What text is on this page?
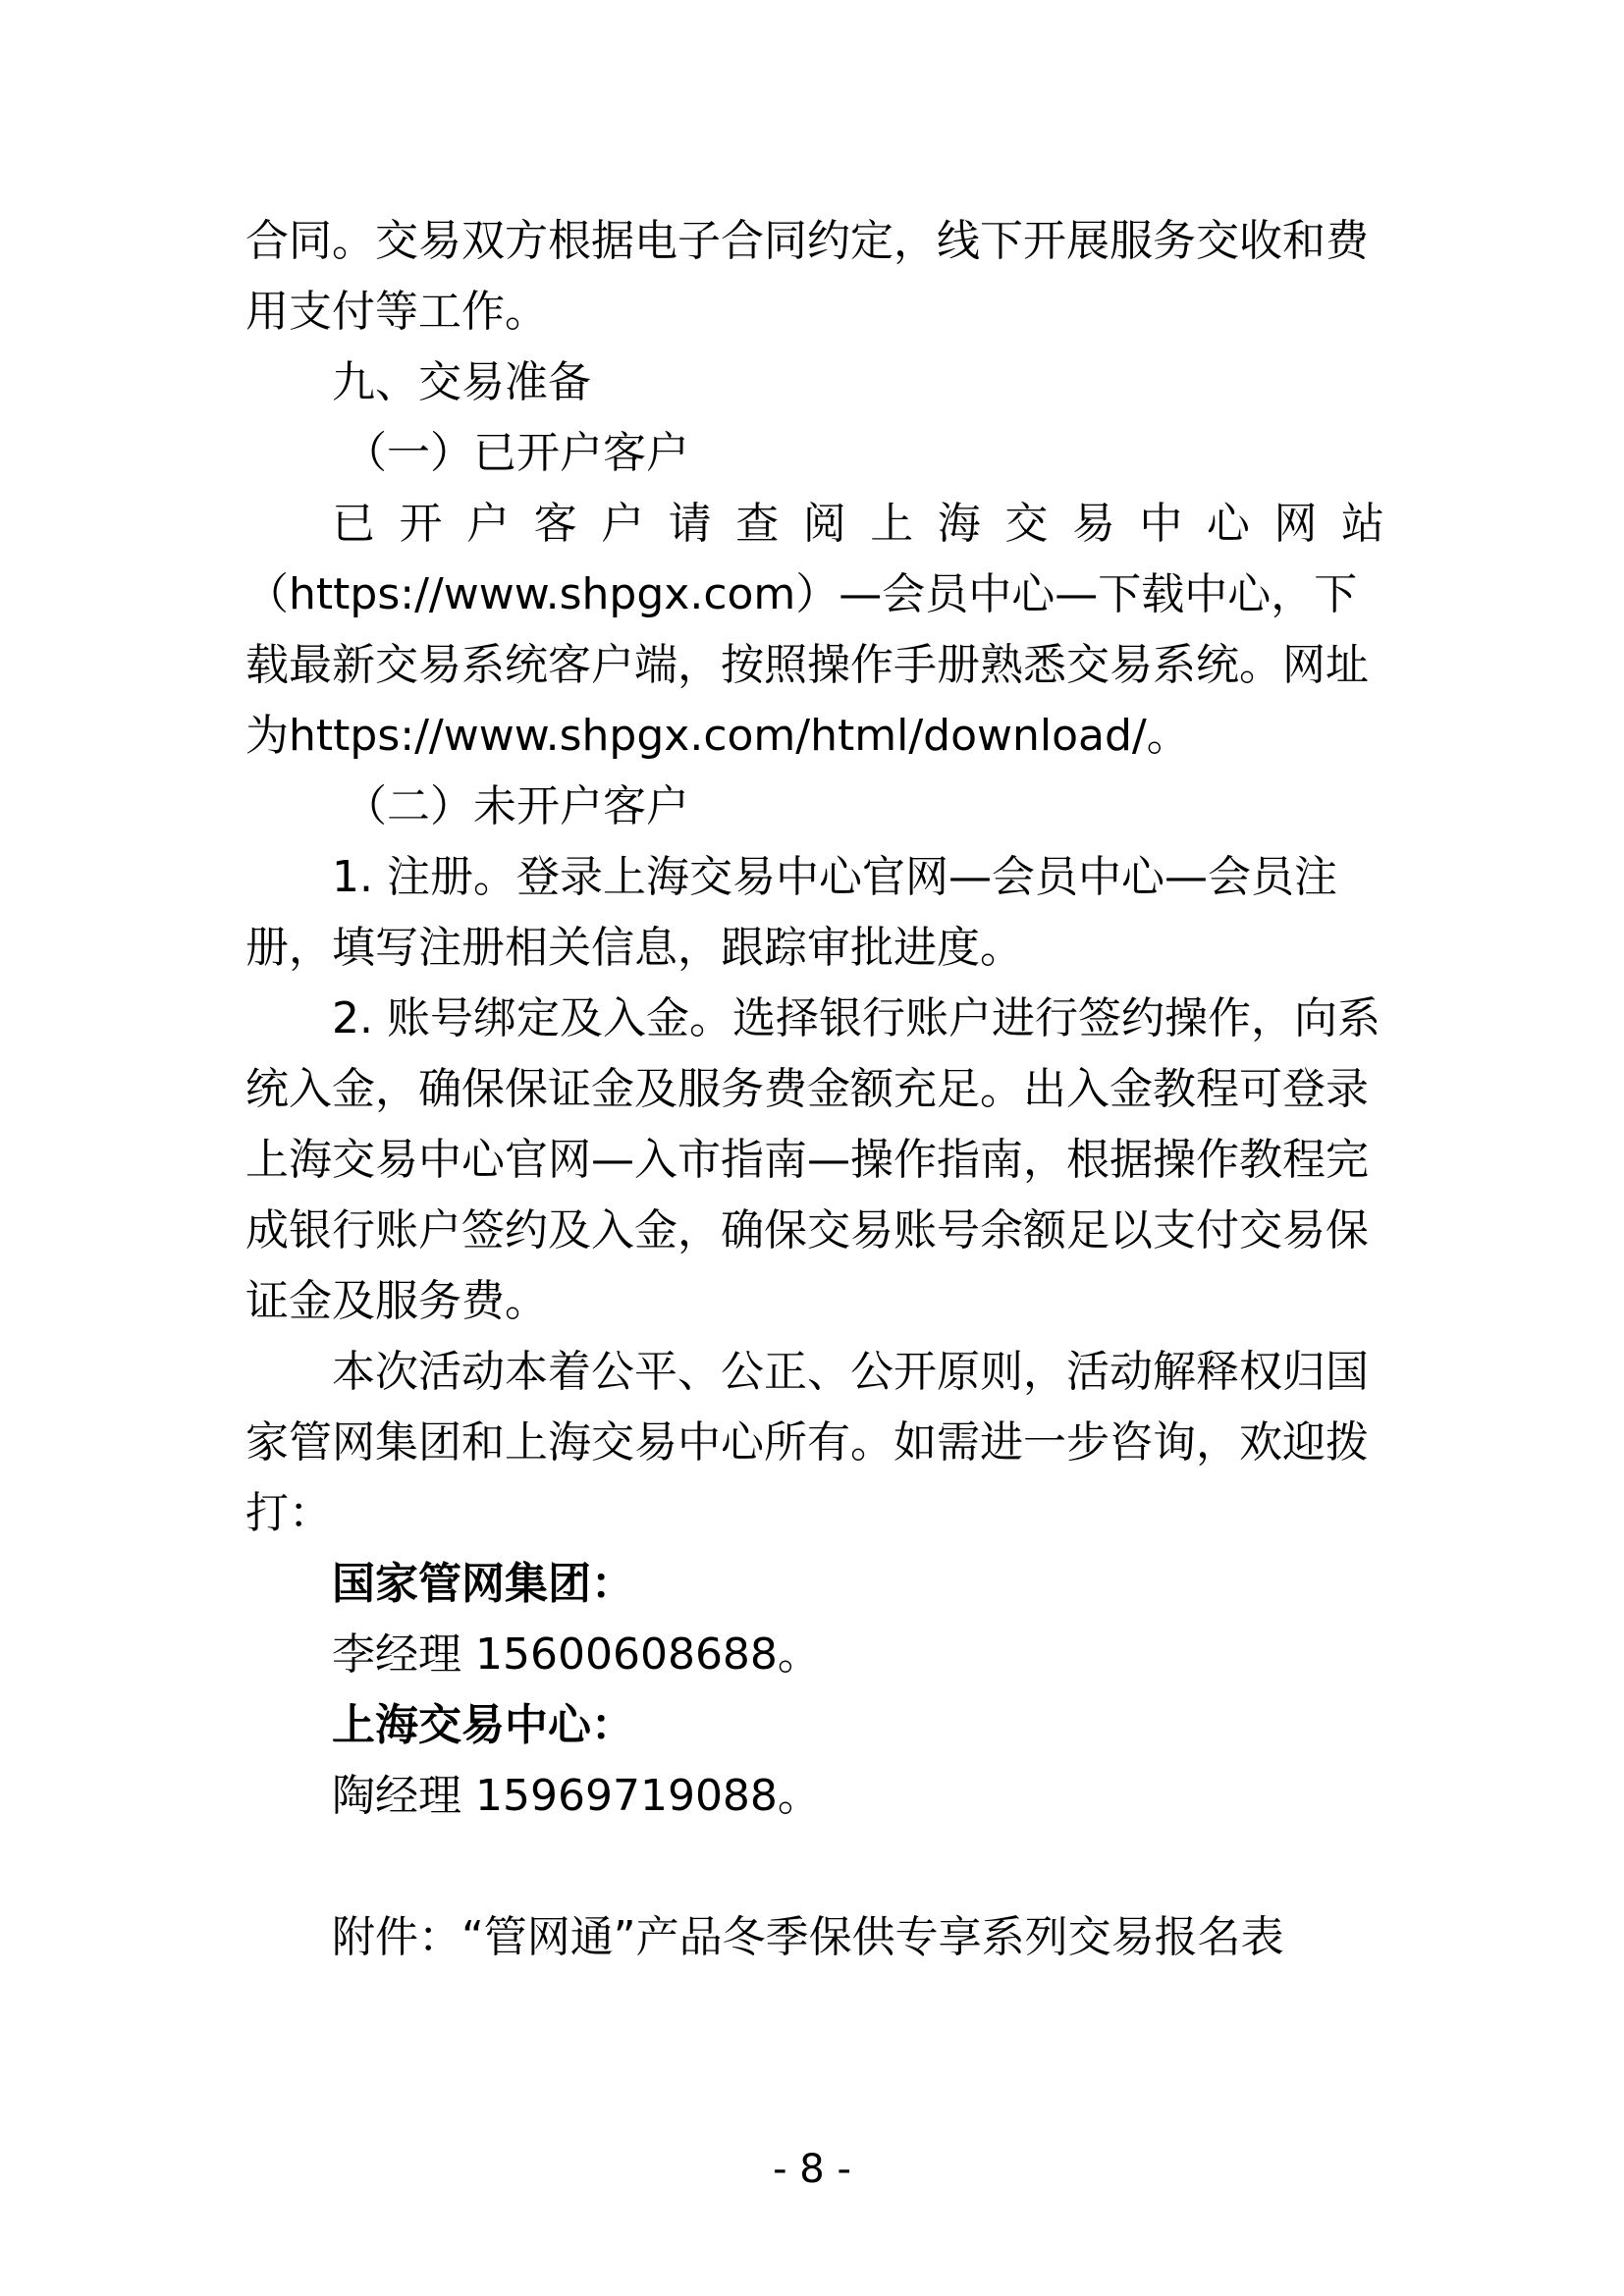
合同。交易双方根据电子合同约定，线下开展服务交收和费用支付等工作。

九、交易准备

（一）已开户客户

已开户客户请查阅上海交易中心网站

（https://www.shpgx.com）—会员中心—下载中心，下载最新交易系统客户端，按照操作手册熟悉交易系统。网址为https://www.shpgx.com/html/download/。

（二）未开户客户

1. 注册。登录上海交易中心官网—会员中心—会员注册，填写注册相关信息，跟踪审批进度。

2. 账号绑定及入金。选择银行账户进行签约操作，向系统入金，确保保证金及服务费金额充足。出入金教程可登录上海交易中心官网—入市指南—操作指南，根据操作教程完成银行账户签约及入金，确保交易账号余额足以支付交易保证金及服务费。

本次活动本着公平、公正、公开原则，活动解释权归国家管网集团和上海交易中心所有。如需进一步咨询，欢迎拨打：

国家管网集团：

李经理 15600608688。

上海交易中心：

陶经理 15969719088。

附件：“管网通”产品冬季保供专享系列交易报名表

- 8 -
